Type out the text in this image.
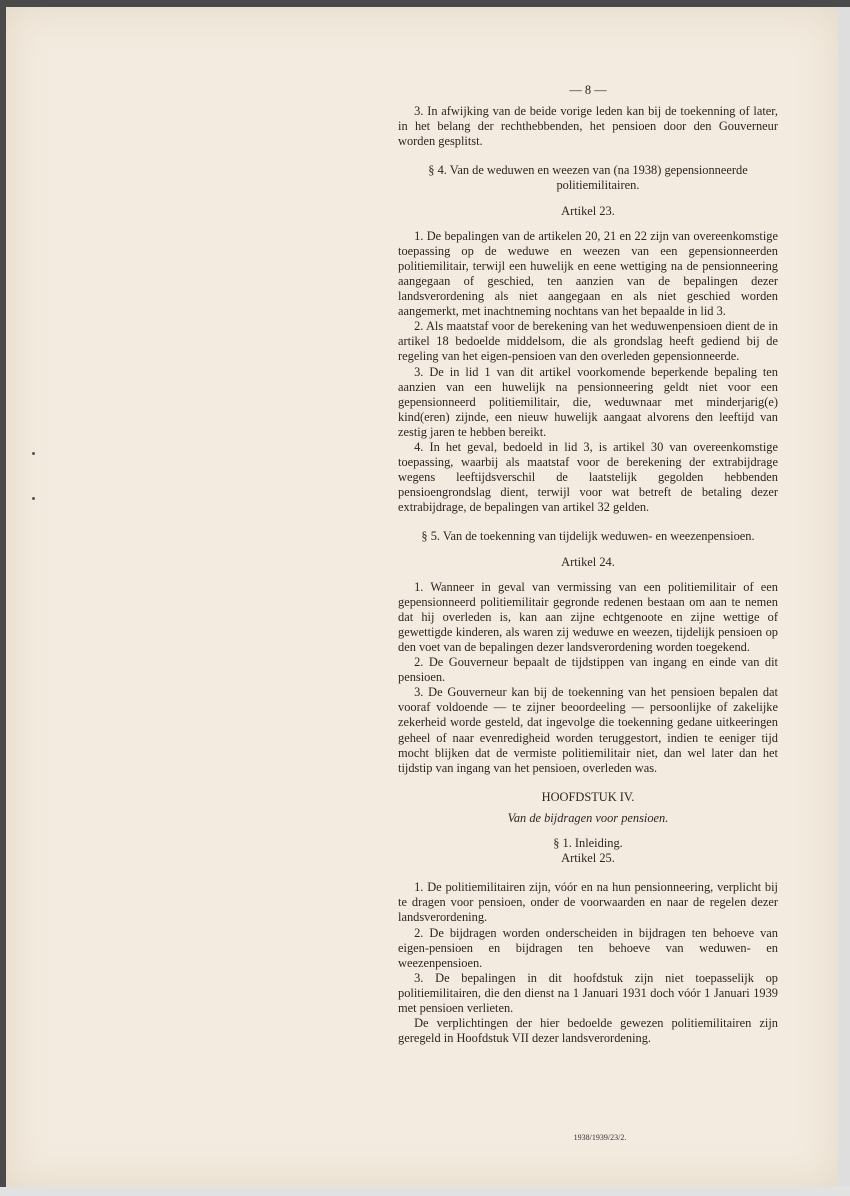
— 8 —

3. In afwijking van de beide vorige leden kan bij de toekenning of later, in het belang der rechthebbenden, het pensioen door den Gouverneur worden gesplitst.

§ 4. Van de weduwen en weezen van (na 1938) gepensionneerde politiemilitairen.

Artikel 23.

1. De bepalingen van de artikelen 20, 21 en 22 zijn van overeenkomstige toepassing op de weduwe en weezen van een gepensionneerden politiemilitair, terwijl een huwelijk en eene wettiging na de pensionneering aangegaan of geschied, ten aanzien van de bepalingen dezer landsverordening als niet aangegaan en als niet geschied worden aangemerkt, met inachtneming nochtans van het bepaalde in lid 3.

2. Als maatstaf voor de berekening van het weduwenpensioen dient de in artikel 18 bedoelde middelsom, die als grondslag heeft gediend bij de regeling van het eigen-pensioen van den overleden gepensionneerde.

3. De in lid 1 van dit artikel voorkomende beperkende bepaling ten aanzien van een huwelijk na pensionneering geldt niet voor een gepensionneerd politiemilitair, die, weduwnaar met minderjarig(e) kind(eren) zijnde, een nieuw huwelijk aangaat alvorens den leeftijd van zestig jaren te hebben bereikt.

4. In het geval, bedoeld in lid 3, is artikel 30 van overeenkomstige toepassing, waarbij als maatstaf voor de berekening der extrabijdrage wegens leeftijdsverschil de laatstelijk gegolden hebbenden pensioengrondslag dient, terwijl voor wat betreft de betaling dezer extrabijdrage, de bepalingen van artikel 32 gelden.

§ 5. Van de toekenning van tijdelijk weduwen- en weezenpensioen.

Artikel 24.

1. Wanneer in geval van vermissing van een politiemilitair of een gepensionneerd politiemilitair gegronde redenen bestaan om aan te nemen dat hij overleden is, kan aan zijne echtgenoote en zijne wettige of gewettigde kinderen, als waren zij weduwe en weezen, tijdelijk pensioen op den voet van de bepalingen dezer landsverordening worden toegekend.

2. De Gouverneur bepaalt de tijdstippen van ingang en einde van dit pensioen.

3. De Gouverneur kan bij de toekenning van het pensioen bepalen dat vooraf voldoende — te zijner beoordeeling — persoonlijke of zakelijke zekerheid worde gesteld, dat ingevolge die toekenning gedane uitkeeringen geheel of naar evenredigheid worden teruggestort, indien te eeniger tijd mocht blijken dat de vermiste politiemilitair niet, dan wel later dan het tijdstip van ingang van het pensioen, overleden was.

HOOFDSTUK IV.
Van de bijdragen voor pensioen.
§ 1. Inleiding.
Artikel 25.

1. De politiemilitairen zijn, vóór en na hun pensionneering, verplicht bij te dragen voor pensioen, onder de voorwaarden en naar de regelen dezer landsverordening.

2. De bijdragen worden onderscheiden in bijdragen ten behoeve van eigen-pensioen en bijdragen ten behoeve van weduwen- en weezenpensioen.

3. De bepalingen in dit hoofdstuk zijn niet toepasselijk op politiemilitairen, die den dienst na 1 Januari 1931 doch vóór 1 Januari 1939 met pensioen verlieten.

De verplichtingen der hier bedoelde gewezen politiemilitairen zijn geregeld in Hoofdstuk VII dezer landsverordening.

1938/1939/23/2.
